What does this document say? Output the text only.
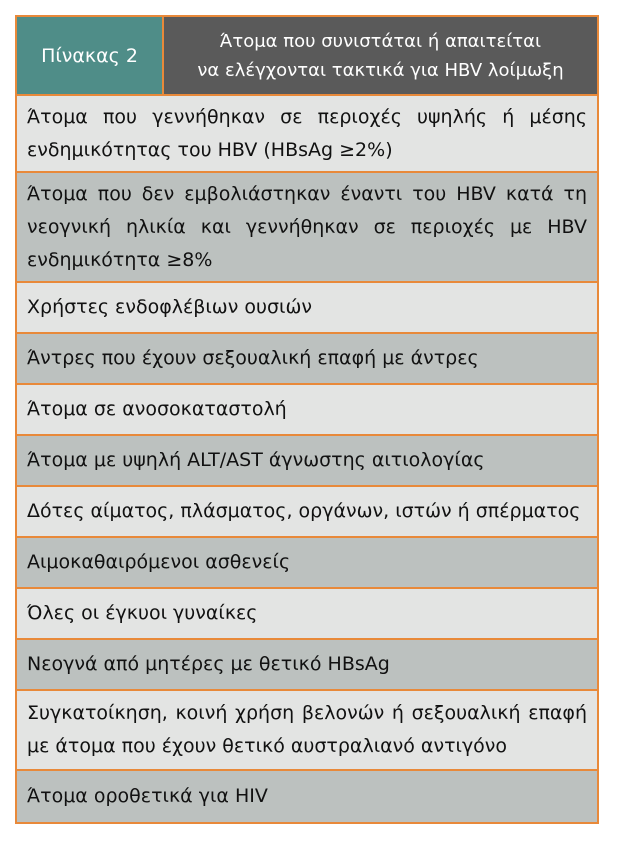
Πίνακας 2
Άτομα που συνιστάται ή απαιτείται
να ελέγχονται τακτικά για HBV λοίμωξη
Άτομα που γεννήθηκαν σε περιοχές υψηλής ή μέσης ενδημικότητας του HBV (HBsAg ≥2%)
Άτομα που δεν εμβολιάστηκαν έναντι του HBV κατά τη νεογνική ηλικία και γεννήθηκαν σε περιοχές με HBV ενδημικότητα ≥8%
Χρήστες ενδοφλέβιων ουσιών
Άντρες που έχουν σεξουαλική επαφή με άντρες
Άτομα σε ανοσοκαταστολή
Άτομα με υψηλή ALT/AST άγνωστης αιτιολογίας
Δότες αίματος, πλάσματος, οργάνων, ιστών ή σπέρματος
Αιμοκαθαιρόμενοι ασθενείς
Όλες οι έγκυοι γυναίκες
Νεογνά από μητέρες με θετικό HBsAg
Συγκατοίκηση, κοινή χρήση βελονών ή σεξουαλική επαφή με άτομα που έχουν θετικό αυστραλιανό αντιγόνο
Άτομα οροθετικά για HIV
